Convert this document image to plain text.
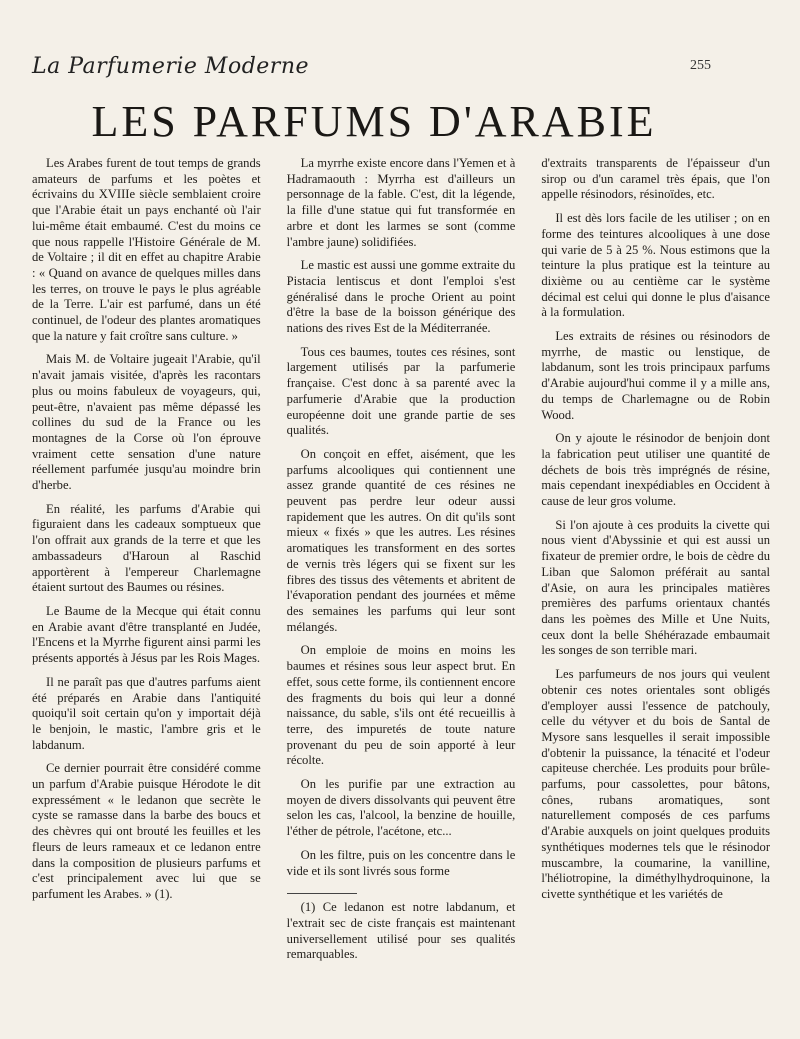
La Parfumerie Moderne	255
LES PARFUMS D'ARABIE

Les Arabes furent de tout temps de grands amateurs de parfums et les poètes et écrivains du XVIIIe siècle semblaient croire que l'Arabie était un pays enchanté où l'air lui-même était embaumé. C'est du moins ce que nous rappelle l'Histoire Générale de M. de Voltaire ; il dit en effet au chapitre Arabie : « Quand on avance de quelques milles dans les terres, on trouve le pays le plus agréable de la Terre. L'air est parfumé, dans un été continuel, de l'odeur des plantes aromatiques que la nature y fait croître sans culture. »

Mais M. de Voltaire jugeait l'Arabie, qu'il n'avait jamais visitée, d'après les racontars plus ou moins fabuleux de voyageurs, qui, peut-être, n'avaient pas même dépassé les collines du sud de la France ou les montagnes de la Corse où l'on éprouve vraiment cette sensation d'une nature réellement parfumée jusqu'au moindre brin d'herbe.

En réalité, les parfums d'Arabie qui figuraient dans les cadeaux somptueux que l'on offrait aux grands de la terre et que les ambassadeurs d'Haroun al Raschid apportèrent à l'empereur Charlemagne étaient surtout des Baumes ou résines.

Le Baume de la Mecque qui était connu en Arabie avant d'être transplanté en Judée, l'Encens et la Myrrhe figurent ainsi parmi les présents apportés à Jésus par les Rois Mages.

Il ne paraît pas que d'autres parfums aient été préparés en Arabie dans l'antiquité quoiqu'il soit certain qu'on y importait déjà le benjoin, le mastic, l'ambre gris et le labdanum.

Ce dernier pourrait être considéré comme un parfum d'Arabie puisque Hérodote le dit expressément « le ledanon que secrète le cyste se ramasse dans la barbe des boucs et des chèvres qui ont brouté les feuilles et les fleurs de leurs rameaux et ce ledanon entre dans la composition de plusieurs parfums et c'est principalement avec lui que se parfument les Arabes. » (1).

La myrrhe existe encore dans l'Yemen et à Hadramaouth : Myrrha est d'ailleurs un personnage de la fable. C'est, dit la légende, la fille d'une statue qui fut transformée en arbre et dont les larmes se sont (comme l'ambre jaune) solidifiées.

Le mastic est aussi une gomme extraite du Pistacia lentiscus et dont l'emploi s'est généralisé dans le proche Orient au point d'être la base de la boisson générique des nations des rives Est de la Méditerranée.

Tous ces baumes, toutes ces résines, sont largement utilisés par la parfumerie française. C'est donc à sa parenté avec la parfumerie d'Arabie que la production européenne doit une grande partie de ses qualités.

On conçoit en effet, aisément, que les parfums alcooliques qui contiennent une assez grande quantité de ces résines ne peuvent pas perdre leur odeur aussi rapidement que les autres. On dit qu'ils sont mieux « fixés » que les autres. Les résines aromatiques les transforment en des sortes de vernis très légers qui se fixent sur les fibres des tissus des vêtements et abritent de l'évaporation pendant des journées et même des semaines les parfums qui leur sont mélangés.

On emploie de moins en moins les baumes et résines sous leur aspect brut. En effet, sous cette forme, ils contiennent encore des fragments du bois qui leur a donné naissance, du sable, s'ils ont été recueillis à terre, des impuretés de toute nature provenant du peu de soin apporté à leur récolte.

On les purifie par une extraction au moyen de divers dissolvants qui peuvent être selon les cas, l'alcool, la benzine de houille, l'éther de pétrole, l'acétone, etc...

On les filtre, puis on les concentre dans le vide et ils sont livrés sous forme

(1) Ce ledanon est notre labdanum, et l'extrait sec de ciste français est maintenant universellement utilisé pour ses qualités remarquables.

d'extraits transparents de l'épaisseur d'un sirop ou d'un caramel très épais, que l'on appelle résinodors, résinoïdes, etc.

Il est dès lors facile de les utiliser ; on en forme des teintures alcooliques à une dose qui varie de 5 à 25 %. Nous estimons que la teinture la plus pratique est la teinture au dixième ou au centième car le système décimal est celui qui donne le plus d'aisance à la formulation.

Les extraits de résines ou résinodors de myrrhe, de mastic ou lenstique, de labdanum, sont les trois principaux parfums d'Arabie aujourd'hui comme il y a mille ans, du temps de Charlemagne ou de Robin Wood.

On y ajoute le résinodor de benjoin dont la fabrication peut utiliser une quantité de déchets de bois très imprégnés de résine, mais cependant inexpédiables en Occident à cause de leur gros volume.

Si l'on ajoute à ces produits la civette qui nous vient d'Abyssinie et qui est aussi un fixateur de premier ordre, le bois de cèdre du Liban que Salomon préférait au santal d'Asie, on aura les principales matières premières des parfums orientaux chantés dans les poèmes des Mille et Une Nuits, ceux dont la belle Shéhérazade embaumait les songes de son terrible mari.

Les parfumeurs de nos jours qui veulent obtenir ces notes orientales sont obligés d'employer aussi l'essence de patchouly, celle du vétyver et du bois de Santal de Mysore sans lesquelles il serait impossible d'obtenir la puissance, la ténacité et l'odeur capiteuse cherchée. Les produits pour brûle-parfums, pour cassolettes, pour bâtons, cônes, rubans aromatiques, sont naturellement composés de ces parfums d'Arabie auxquels on joint quelques produits synthétiques modernes tels que le résinodor muscambre, la coumarine, la vanilline, l'héliotropine, la diméthylhydroquinone, la civette synthétique et les variétés de
